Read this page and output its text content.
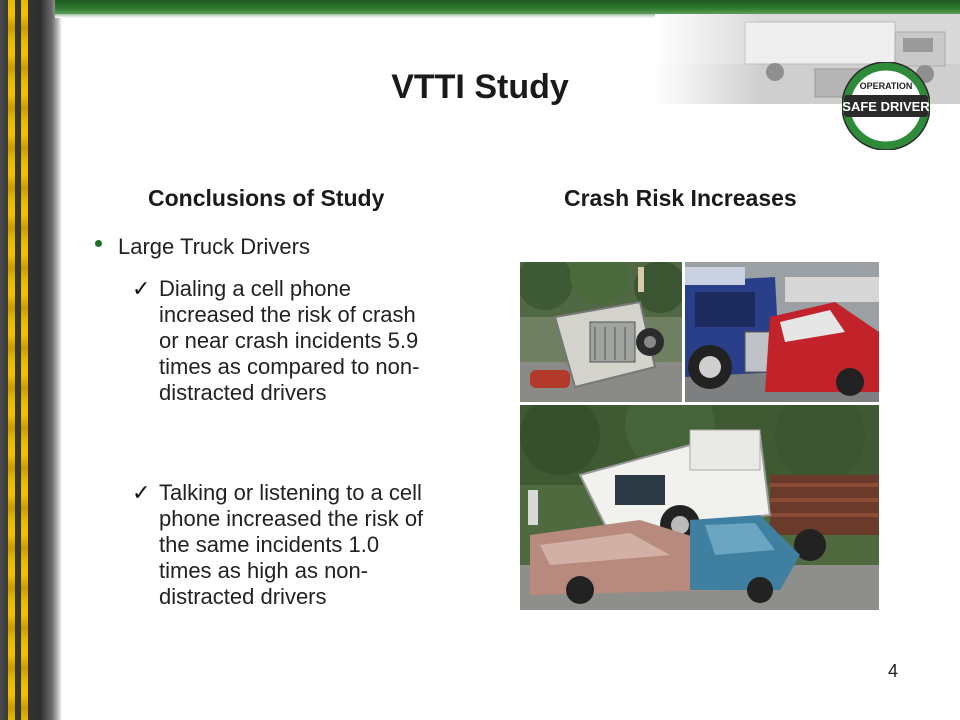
OPERATION
SAFE DRIVER
VTTI Study
Conclusions of Study	Crash Risk Increases
Large Truck Drivers
✓ Dialing a cell phone
increased the risk of crash
or near crash incidents 5.9
times as compared to non-
distracted drivers
✓ Talking or listening to a cell
phone increased the risk of
the same incidents 1.0
times as high as non-
distracted drivers
4
